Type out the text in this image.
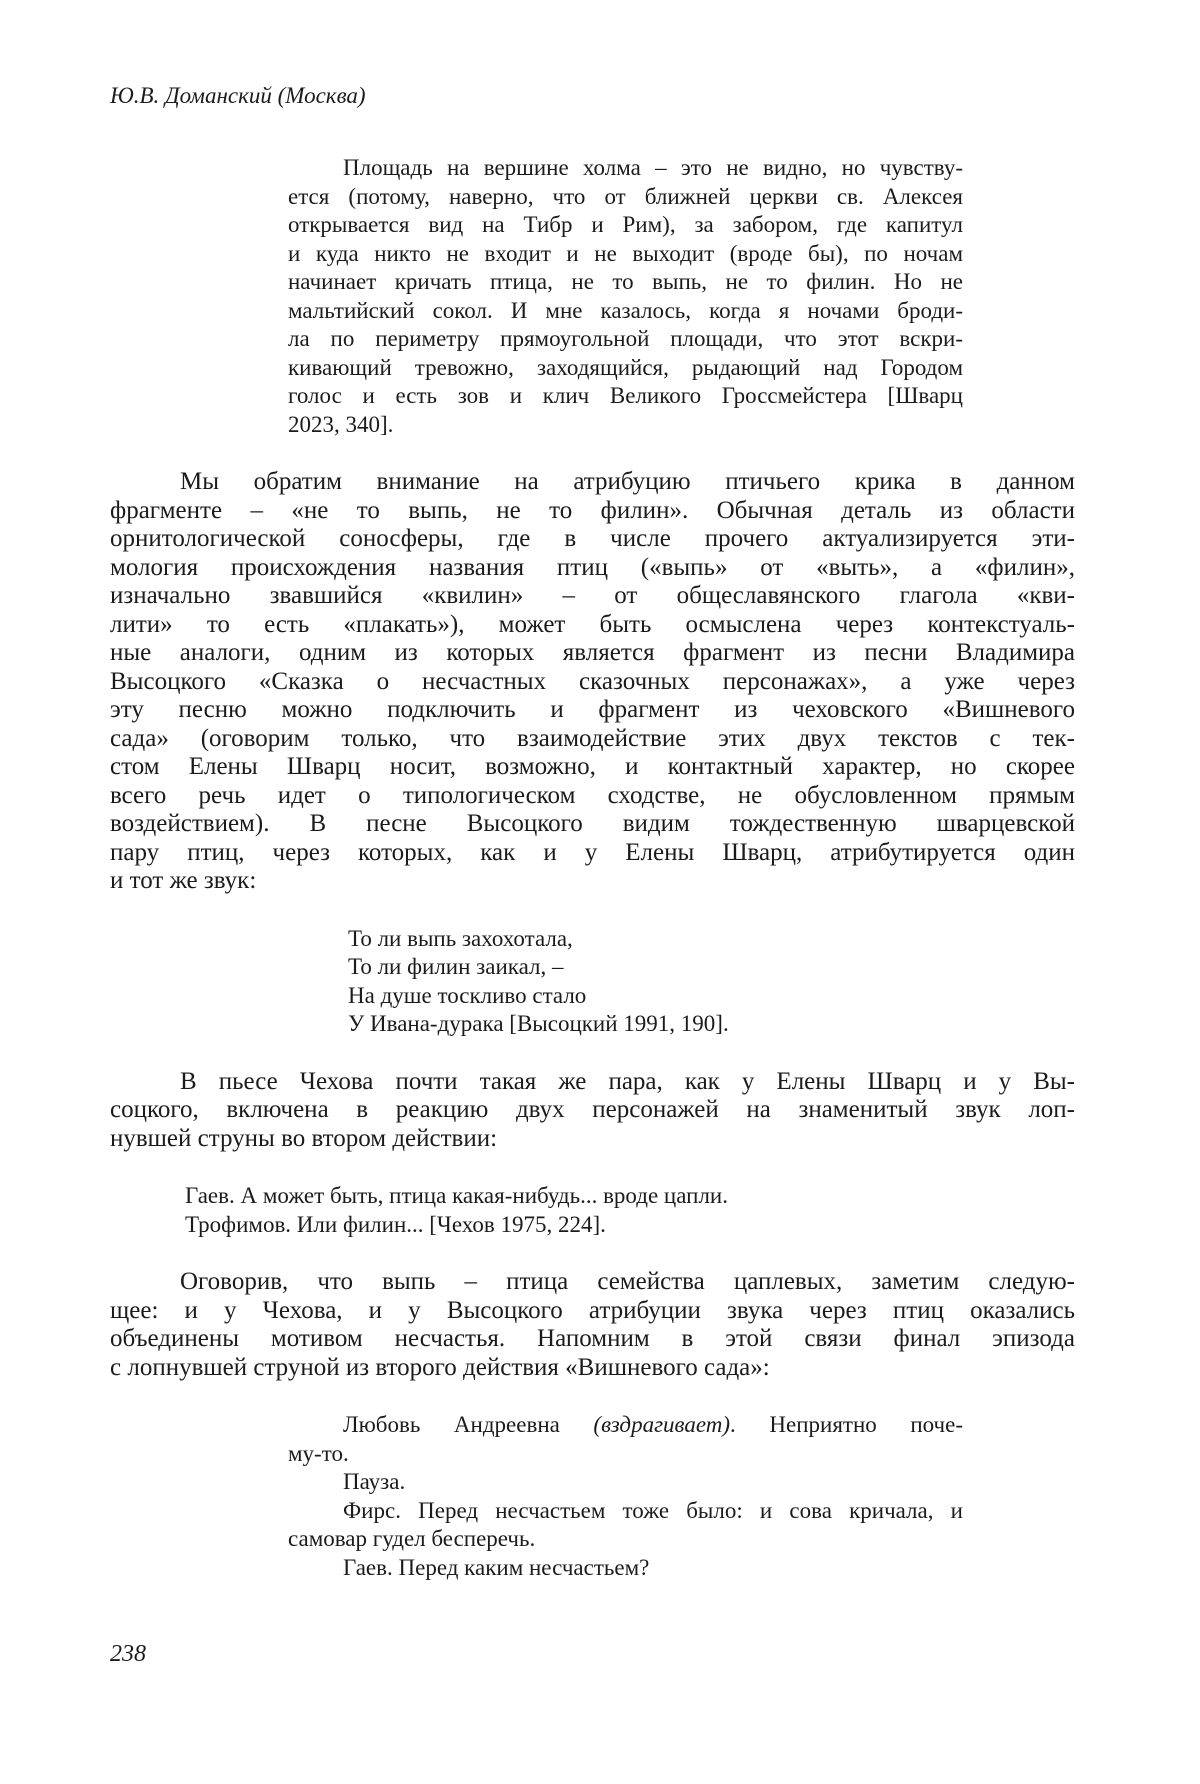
Ю.В. Доманский (Москва)
Площадь на вершине холма – это не видно, но чувству-
ется (потому, наверно, что от ближней церкви св. Алексея
открывается вид на Тибр и Рим), за забором, где капитул
и куда никто не входит и не выходит (вроде бы), по ночам
начинает кричать птица, не то выпь, не то филин. Но не
мальтийский сокол. И мне казалось, когда я ночами броди-
ла по периметру прямоугольной площади, что этот вскри-
кивающий тревожно, заходящийся, рыдающий над Городом
голос и есть зов и клич Великого Гроссмейстера [Шварц
2023, 340].
Мы обратим внимание на атрибуцию птичьего крика в данном
фрагменте – «не то выпь, не то филин». Обычная деталь из области
орнитологической соносферы, где в числе прочего актуализируется эти-
мология происхождения названия птиц («выпь» от «выть», а «филин»,
изначально звавшийся «квилин» – от общеславянского глагола «кви-
лити» то есть «плакать»), может быть осмыслена через контекстуаль-
ные аналоги, одним из которых является фрагмент из песни Владимира
Высоцкого «Сказка о несчастных сказочных персонажах», а уже через
эту песню можно подключить и фрагмент из чеховского «Вишневого
сада» (оговорим только, что взаимодействие этих двух текстов с тек-
стом Елены Шварц носит, возможно, и контактный характер, но скорее
всего речь идет о типологическом сходстве, не обусловленном прямым
воздействием). В песне Высоцкого видим тождественную шварцевской
пару птиц, через которых, как и у Елены Шварц, атрибутируется один
и тот же звук:
То ли выпь захохотала,
То ли филин заикал, –
На душе тоскливо стало
У Ивана-дурака [Высоцкий 1991, 190].
В пьесе Чехова почти такая же пара, как у Елены Шварц и у Вы-
соцкого, включена в реакцию двух персонажей на знаменитый звук лоп-
нувшей струны во втором действии:
Гаев. А может быть, птица какая-нибудь... вроде цапли.
Трофимов. Или филин... [Чехов 1975, 224].
Оговорив, что выпь – птица семейства цаплевых, заметим следую-
щее: и у Чехова, и у Высоцкого атрибуции звука через птиц оказались
объединены мотивом несчастья. Напомним в этой связи финал эпизода
с лопнувшей струной из второго действия «Вишневого сада»:
Любовь Андреевна (вздрагивает). Неприятно поче-
му-то.
Пауза.
Фирс. Перед несчастьем тоже было: и сова кричала, и
самовар гудел бесперечь.
Гаев. Перед каким несчастьем?
238
